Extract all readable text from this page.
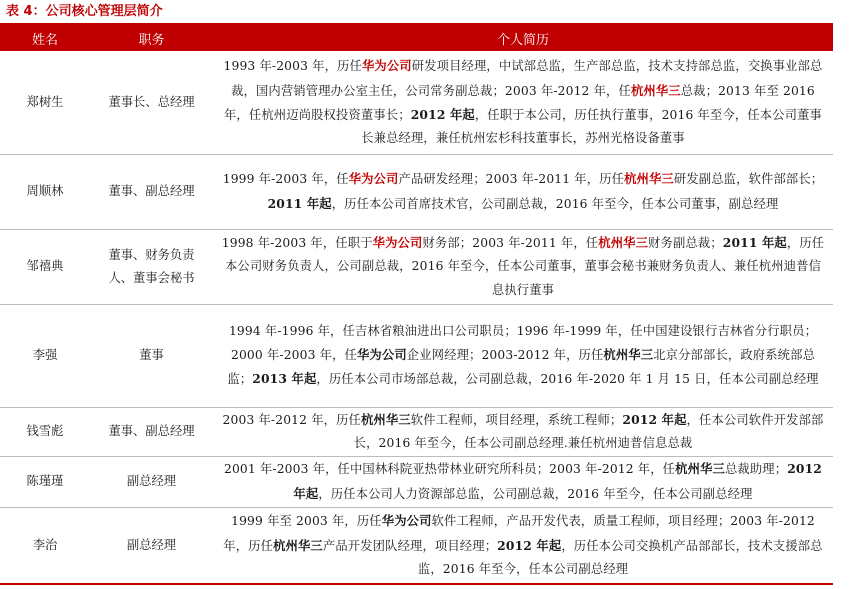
表 4：公司核心管理层简介
姓名	职务	个人简历
郑树生	董事长、总经理	1993 年-2003 年，历任华为公司研发项目经理，中试部总监，生产部总监，技术支持部总监，交换事业部总裁，国内营销管理办公室主任，公司常务副总裁；2003 年-2012 年，任杭州华三总裁；2013 年至 2016 年，任杭州迈尚股权投资董事长；2012 年起，任职于本公司，历任执行董事，2016 年至今，任本公司董事长兼总经理，兼任杭州宏杉科技董事长，苏州光格设备董事
周顺林	董事、副总经理	1999 年-2003 年，任华为公司产品研发经理；2003 年-2011 年，历任杭州华三研发副总监，软件部部长；2011 年起，历任本公司首席技术官，公司副总裁，2016 年至今，任本公司董事，副总经理
邹禧典	董事、财务负责人、董事会秘书	1998 年-2003 年，任职于华为公司财务部；2003 年-2011 年，任杭州华三财务副总裁；2011 年起，历任本公司财务负责人，公司副总裁，2016 年至今，任本公司董事，董事会秘书兼财务负责人、兼任杭州迪普信息执行董事
李强	董事	1994 年-1996 年，任吉林省粮油进出口公司职员；1996 年-1999 年，任中国建设银行吉林省分行职员；2000 年-2003 年，任华为公司企业网经理；2003-2012 年，历任杭州华三北京分部部长，政府系统部总监；2013 年起，历任本公司市场部总裁，公司副总裁，2016 年-2020 年 1 月 15 日，任本公司副总经理
钱雪彪	董事、副总经理	2003 年-2012 年，历任杭州华三软件工程师，项目经理，系统工程师；2012 年起，任本公司软件开发部部长，2016 年至今，任本公司副总经理.兼任杭州迪普信息总裁
陈瑾瑾	副总经理	2001 年-2003 年，任中国林科院亚热带林业研究所科员；2003 年-2012 年，任杭州华三总裁助理；2012 年起，历任本公司人力资源部总监，公司副总裁，2016 年至今，任本公司副总经理
李治	副总经理	1999 年至 2003 年，历任华为公司软件工程师，产品开发代表，质量工程师，项目经理；2003 年-2012 年，历任杭州华三产品开发团队经理，项目经理；2012 年起，历任本公司交换机产品部部长，技术支援部总监，2016 年至今，任本公司副总经理
